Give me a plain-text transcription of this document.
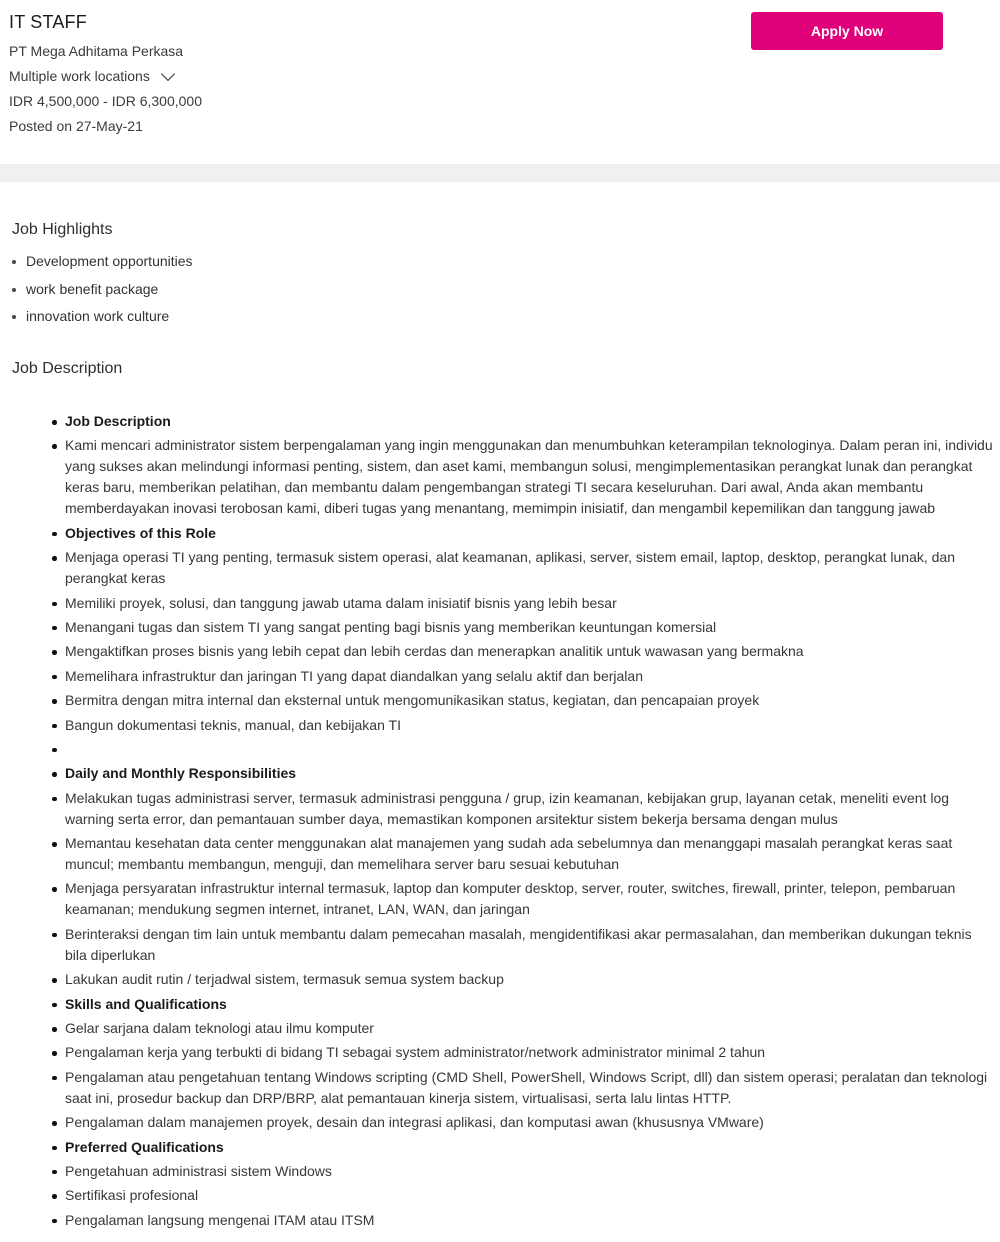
IT STAFF
PT Mega Adhitama Perkasa
Multiple work locations
IDR 4,500,000 - IDR 6,300,000
Posted on 27-May-21
Apply Now
Job Highlights
Development opportunities
work benefit package
innovation work culture
Job Description
Job Description
Kami mencari administrator sistem berpengalaman yang ingin menggunakan dan menumbuhkan keterampilan teknologinya. Dalam peran ini, individu yang sukses akan melindungi informasi penting, sistem, dan aset kami, membangun solusi, mengimplementasikan perangkat lunak dan perangkat keras baru, memberikan pelatihan, dan membantu dalam pengembangan strategi TI secara keseluruhan. Dari awal, Anda akan membantu memberdayakan inovasi terobosan kami, diberi tugas yang menantang, memimpin inisiatif, dan mengambil kepemilikan dan tanggung jawab
Objectives of this Role
Menjaga operasi TI yang penting, termasuk sistem operasi, alat keamanan, aplikasi, server, sistem email, laptop, desktop, perangkat lunak, dan perangkat keras
Memiliki proyek, solusi, dan tanggung jawab utama dalam inisiatif bisnis yang lebih besar
Menangani tugas dan sistem TI yang sangat penting bagi bisnis yang memberikan keuntungan komersial
Mengaktifkan proses bisnis yang lebih cepat dan lebih cerdas dan menerapkan analitik untuk wawasan yang bermakna
Memelihara infrastruktur dan jaringan TI yang dapat diandalkan yang selalu aktif dan berjalan
Bermitra dengan mitra internal dan eksternal untuk mengomunikasikan status, kegiatan, dan pencapaian proyek
Bangun dokumentasi teknis, manual, dan kebijakan TI
Daily and Monthly Responsibilities
Melakukan tugas administrasi server, termasuk administrasi pengguna / grup, izin keamanan, kebijakan grup, layanan cetak, meneliti event log warning serta error, dan pemantauan sumber daya, memastikan komponen arsitektur sistem bekerja bersama dengan mulus
Memantau kesehatan data center menggunakan alat manajemen yang sudah ada sebelumnya dan menanggapi masalah perangkat keras saat muncul; membantu membangun, menguji, dan memelihara server baru sesuai kebutuhan
Menjaga persyaratan infrastruktur internal termasuk, laptop dan komputer desktop, server, router, switches, firewall, printer, telepon, pembaruan keamanan; mendukung segmen internet, intranet, LAN, WAN, dan jaringan
Berinteraksi dengan tim lain untuk membantu dalam pemecahan masalah, mengidentifikasi akar permasalahan, dan memberikan dukungan teknis bila diperlukan
Lakukan audit rutin / terjadwal sistem, termasuk semua system backup
Skills and Qualifications
Gelar sarjana dalam teknologi atau ilmu komputer
Pengalaman kerja yang terbukti di bidang TI sebagai system administrator/network administrator minimal 2 tahun
Pengalaman atau pengetahuan tentang Windows scripting (CMD Shell, PowerShell, Windows Script, dll) dan sistem operasi; peralatan dan teknologi saat ini, prosedur backup dan DRP/BRP, alat pemantauan kinerja sistem, virtualisasi, serta lalu lintas HTTP.
Pengalaman dalam manajemen proyek, desain dan integrasi aplikasi, dan komputasi awan (khususnya VMware)
Preferred Qualifications
Pengetahuan administrasi sistem Windows
Sertifikasi profesional
Pengalaman langsung mengenai ITAM atau ITSM
